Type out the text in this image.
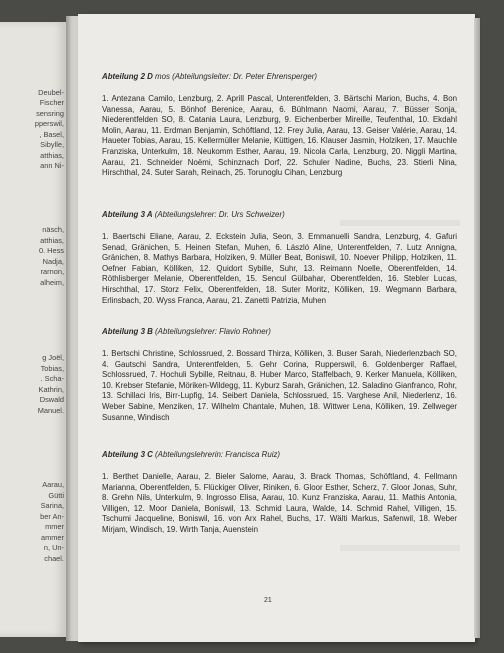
Deubel-
Fischer
sensring
pperswil,
, Basel,
Sibylle,
atthias,
ann Ni-
näsch,
atthias,
0. Hess
Nadja,
rarnon,
alheim,
g Joël,
Tobias,
. Scha-
Kathrin,
Dswald
Manuel.
Aarau,
Gütti
Sarina,
ber An-
mmer
ammer
n, Un-
chael.

Abteilung 2 D mos (Abteilungsleiter: Dr. Peter Ehrensperger)

1. Antezana Camilo, Lenzburg, 2. Aprill Pascal, Unterentfelden, 3. Bärtschi Marion, Buchs, 4. Bon Vanessa, Aarau, 5. Bönhof Berenice, Aarau, 6. Bühlmann Naomi, Aarau, 7. Büsser Sonja, Niederentfelden SO, 8. Catania Laura, Lenzburg, 9. Eichenberber Mireille, Teufenthal, 10. Ekdahl Molin, Aarau, 11. Erdman Benjamin, Schöftland, 12. Frey Julia, Aarau, 13. Geiser Valérie, Aarau, 14. Haueter Tobias, Aarau, 15. Kellermüller Melanie, Küttigen, 16. Klauser Jasmin, Holziken, 17. Mauchle Franziska, Unterkulm, 18. Neukomm Esther, Aarau, 19. Nicola Carla, Lenzburg, 20. Niggli Martina, Aarau, 21. Schneider Noëmi, Schinznach Dorf, 22. Schuler Nadine, Buchs, 23. Stierli Nina, Hirschthal, 24. Suter Sarah, Reinach, 25. Torunoglu Cihan, Lenzburg

Abteilung 3 A (Abteilungslehrer: Dr. Urs Schweizer)

1. Baertschi Eliane, Aarau, 2. Eckstein Julia, Seon, 3. Emmanuelli Sandra, Lenzburg, 4. Gafuri Senad, Gränichen, 5. Heinen Stefan, Muhen, 6. László Aline, Unterentfelden, 7. Lutz Annigna, Gränichen, 8. Mathys Barbara, Holziken, 9. Müller Beat, Boniswil, 10. Noever Philipp, Holziken, 11. Oefner Fabian, Kölliken, 12. Quidort Sybille, Suhr, 13. Reimann Noelle, Oberentfelden, 14. Röthlisberger Melanie, Oberentfelden, 15. Sencul Gülbahar, Oberentfelden, 16. Stebler Lucas, Hirschthal, 17. Storz Felix, Oberentfelden, 18. Suter Moritz, Kölliken, 19. Wegmann Barbara, Erlinsbach, 20. Wyss Franca, Aarau, 21. Zanetti Patrizia, Muhen

Abteilung 3 B (Abteilungslehrer: Flavio Rohner)

1. Bertschi Christine, Schlossrued, 2. Bossard Thirza, Kölliken, 3. Buser Sarah, Niederlenzbach SO, 4. Gautschi Sandra, Unterentfelden, 5. Gehr Corina, Rupperswil, 6. Goldenberger Raffael, Schlossrued, 7. Hochuli Sybille, Reitnau, 8. Huber Marco, Staffelbach, 9. Kerker Manuela, Kölliken, 10. Krebser Stefanie, Möriken-Wildegg, 11. Kyburz Sarah, Gränichen, 12. Saladino Gianfranco, Rohr, 13. Schillaci Iris, Birr-Lupfig, 14. Seibert Daniela, Schlossrued, 15. Varghese Anil, Niederlenz, 16. Weber Sabine, Menziken, 17. Wilhelm Chantale, Muhen, 18. Wittwer Lena, Kölliken, 19. Zellweger Susanne, Windisch

Abteilung 3 C (Abteilungslehrerin: Francisca Ruiz)

1. Berthet Danielle, Aarau, 2. Bieler Salome, Aarau, 3. Brack Thomas, Schöftland, 4. Fellmann Marianna, Oberentfelden, 5. Flückiger Oliver, Riniken, 6. Gloor Esther, Scherz, 7. Gloor Jonas, Suhr, 8. Grehn Nils, Unterkulm, 9. Ingrosso Elisa, Aarau, 10. Kunz Franziska, Aarau, 11. Mathis Antonia, Villigen, 12. Moor Daniela, Boniswil, 13. Schmid Laura, Walde, 14. Schmid Rahel, Villigen, 15. Tschumi Jacqueline, Boniswil, 16. von Arx Rahel, Buchs, 17. Wälti Markus, Safenwil, 18. Weber Mirjam, Windisch, 19. Wirth Tanja, Auenstein

21
